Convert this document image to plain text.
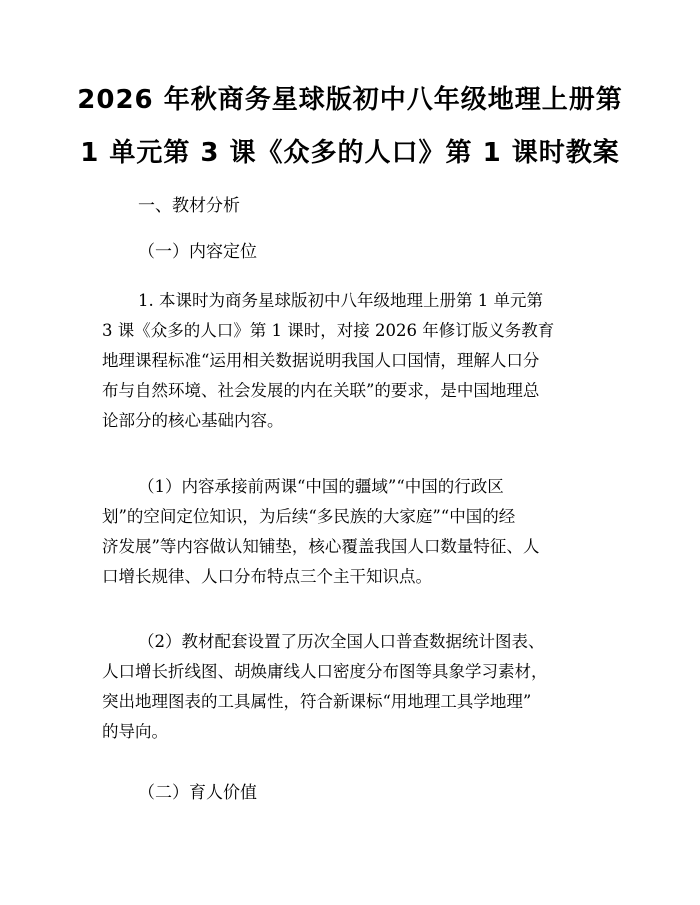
2026 年秋商务星球版初中八年级地理上册第
1 单元第 3 课《众多的人口》第 1 课时教案

一、教材分析

（一）内容定位

1. 本课时为商务星球版初中八年级地理上册第 1 单元第
3 课《众多的人口》第 1 课时，对接 2026 年修订版义务教育
地理课程标准“运用相关数据说明我国人口国情，理解人口分
布与自然环境、社会发展的内在关联”的要求，是中国地理总
论部分的核心基础内容。
（1）内容承接前两课“中国的疆域”“中国的行政区
划”的空间定位知识，为后续“多民族的大家庭”“中国的经
济发展”等内容做认知铺垫，核心覆盖我国人口数量特征、人
口增长规律、人口分布特点三个主干知识点。
（2）教材配套设置了历次全国人口普查数据统计图表、
人口增长折线图、胡焕庸线人口密度分布图等具象学习素材，
突出地理图表的工具属性，符合新课标“用地理工具学地理”
的导向。

（二）育人价值
